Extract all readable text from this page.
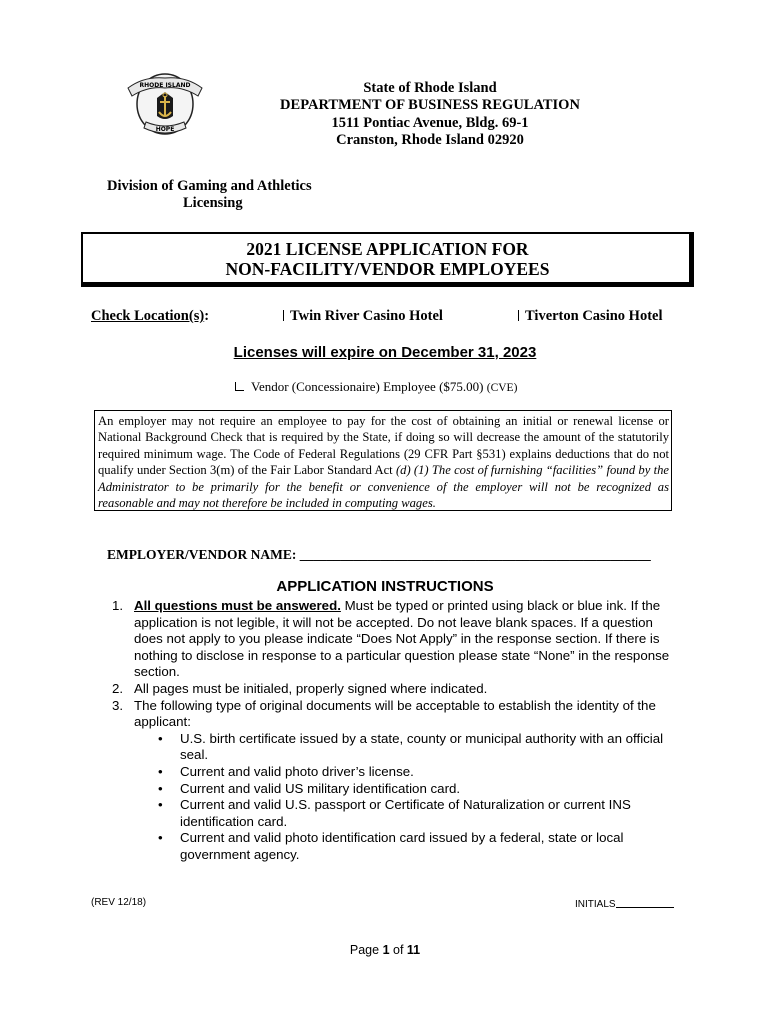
RHODE ISLAND
HOPE
State of Rhode Island
DEPARTMENT OF BUSINESS REGULATION
1511 Pontiac Avenue, Bldg. 69-1
Cranston, Rhode Island 02920
Division of Gaming and Athletics
Licensing
2021 LICENSE APPLICATION FOR
NON-FACILITY/VENDOR EMPLOYEES
Check Location(s):	Twin River Casino Hotel	Tiverton Casino Hotel
Licenses will expire on December 31, 2023
Vendor (Concessionaire) Employee ($75.00) (CVE)
An employer may not require an employee to pay for the cost of obtaining an initial or renewal license or National Background Check that is required by the State, if doing so will decrease the amount of the statutorily required minimum wage. The Code of Federal Regulations (29 CFR Part §531) explains deductions that do not qualify under Section 3(m) of the Fair Labor Standard Act (d) (1) The cost of furnishing “facilities” found by the Administrator to be primarily for the benefit or convenience of the employer will not be recognized as reasonable and may not therefore be included in computing wages.
EMPLOYER/VENDOR NAME: ____________________________________________________
APPLICATION INSTRUCTIONS
1. All questions must be answered. Must be typed or printed using black or blue ink. If the application is not legible, it will not be accepted. Do not leave blank spaces. If a question does not apply to you please indicate “Does Not Apply” in the response section. If there is nothing to disclose in response to a particular question please state “None” in the response section.
2. All pages must be initialed, properly signed where indicated.
3. The following type of original documents will be acceptable to establish the identity of the applicant:
• U.S. birth certificate issued by a state, county or municipal authority with an official seal.
• Current and valid photo driver’s license.
• Current and valid US military identification card.
• Current and valid U.S. passport or Certificate of Naturalization or current INS identification card.
• Current and valid photo identification card issued by a federal, state or local government agency.
(REV 12/18)	INITIALS
Page 1 of 11
